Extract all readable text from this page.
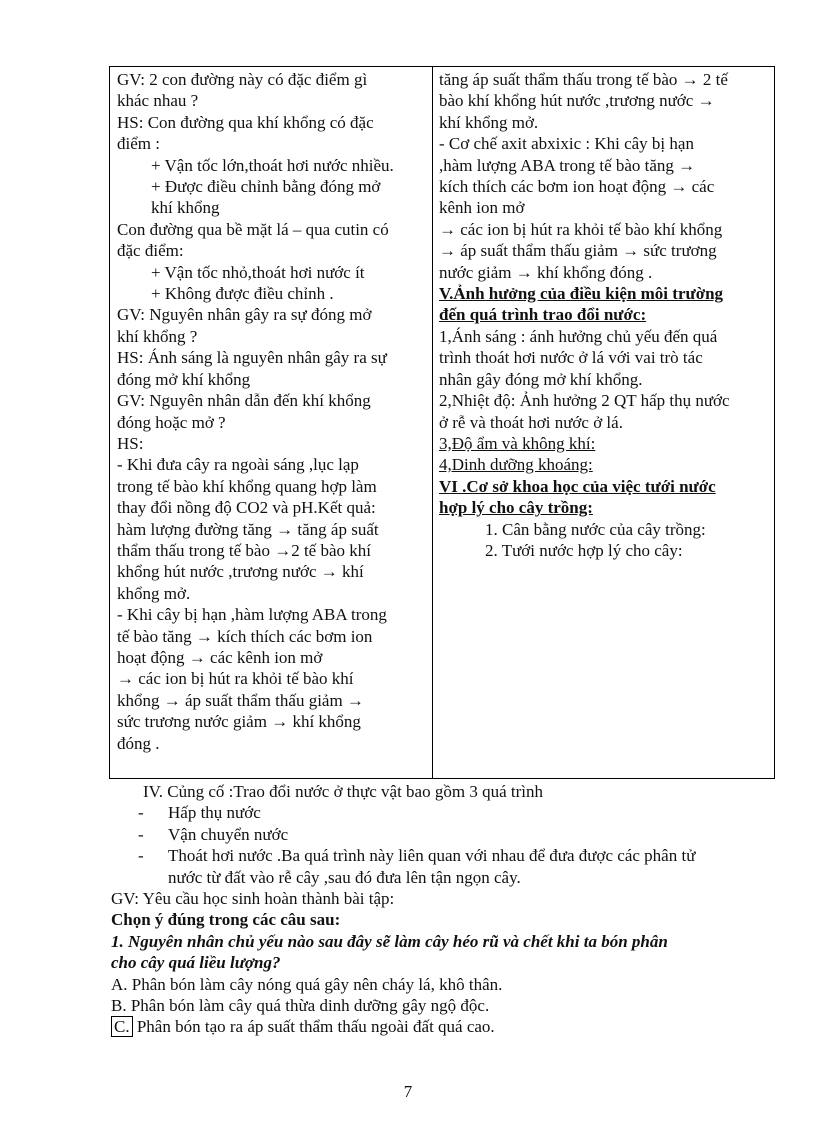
GV: 2 con đường này có đặc điểm gì
khác nhau ?
HS: Con đường qua khí khổng có đặc
điểm :
+ Vận tốc lớn,thoát hơi nước nhiều.
+ Được điều chỉnh bằng đóng mở
khí khổng
Con đường qua bề mặt lá – qua cutin có
đặc điểm:
+ Vận tốc nhỏ,thoát hơi nước ít
+ Không được điều chỉnh .
GV: Nguyên nhân gây ra sự đóng mở
khí khổng ?
HS: Ánh sáng là nguyên nhân gây ra sự
đóng mở khí khổng
GV: Nguyên nhân dẫn đến khí khổng
đóng hoặc mở ?
HS:
- Khi đưa cây ra ngoài sáng ,lục lạp
trong tế bào khí khổng quang hợp làm
thay đổi nồng độ CO2 và pH.Kết quả:
hàm lượng đường tăng → tăng áp suất
thẩm thấu trong tế bào →2 tế bào khí
khổng hút nước ,trương nước → khí
khổng mở.
- Khi cây bị hạn ,hàm lượng ABA trong
tế bào tăng → kích thích các bơm ion
hoạt động → các kênh ion mở
→ các ion bị hút ra khỏi tế bào khí
khổng → áp suất thẩm thấu giảm →
sức trương nước giảm → khí khổng
đóng .
tăng áp suất thẩm thấu trong tế bào → 2 tế
bào khí khổng hút nước ,trương nước →
khí khổng mở.
- Cơ chế axit abxixic : Khi cây bị hạn
,hàm lượng ABA trong tế bào tăng →
kích thích các bơm ion hoạt động → các
kênh ion mở
→ các ion bị hút ra khỏi tế bào khí khổng
→ áp suất thẩm thấu giảm → sức trương
nước giảm → khí khổng đóng .
V.Ảnh hưởng của điều kiện môi trường
đến quá trình trao đổi nước:
1,Ánh sáng : ánh hưởng chủ yếu đến quá
trình thoát hơi nước ở lá với vai trò tác
nhân gây đóng mở khí khổng.
2,Nhiệt độ: Ảnh hưởng 2 QT hấp thụ nước
ở rễ và thoát hơi nước ở lá.
3,Độ ẩm và không khí:
4,Dinh dưỡng khoáng:
VI .Cơ sở khoa học của việc tưới nước
hợp lý cho cây trồng:
1. Cân bằng nước của cây trồng:
2. Tưới nước hợp lý cho cây:
IV. Củng cố :Trao đổi nước ở thực vật bao gồm 3 quá trình
- Hấp thụ nước
- Vận chuyển nước
- Thoát hơi nước .Ba quá trình này liên quan với nhau để đưa được các phân tử
nước từ đất vào rễ cây ,sau đó đưa lên tận ngọn cây.
GV: Yêu cầu học sinh hoàn thành bài tập:
Chọn ý đúng trong các câu sau:
1. Nguyên nhân chủ yếu nào sau đây sẽ làm cây héo rũ và chết khi ta bón phân
cho cây quá liều lượng?
A. Phân bón làm cây nóng quá gây nên cháy lá, khô thân.
B. Phân bón làm cây quá thừa dinh dưỡng gây ngộ độc.
C. Phân bón tạo ra áp suất thẩm thấu ngoài đất quá cao.
7
